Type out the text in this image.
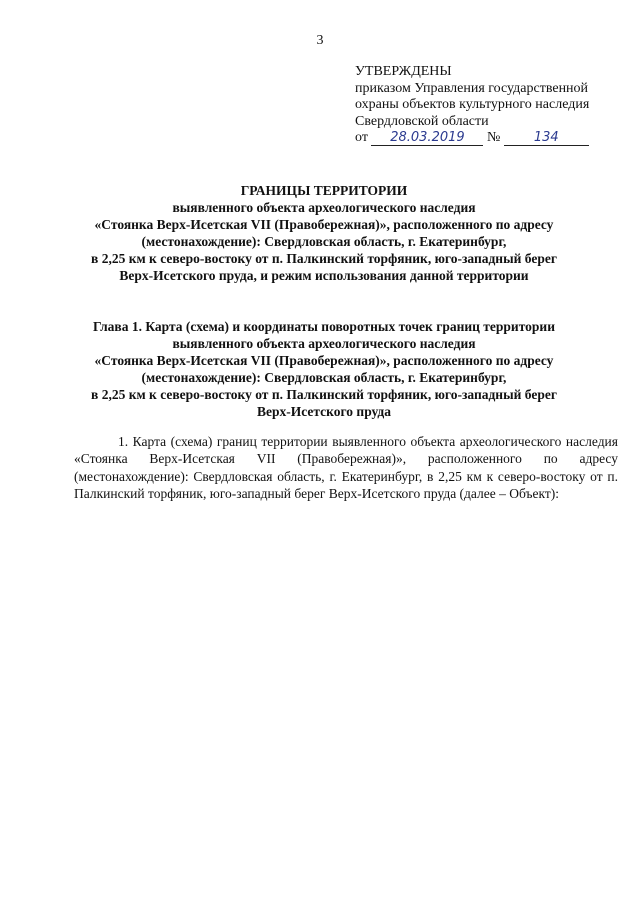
3
УТВЕРЖДЕНЫ
приказом Управления государственной
охраны объектов культурного наследия
Свердловской области
от 28.03.2019 №	134
ГРАНИЦЫ ТЕРРИТОРИИ
выявленного объекта археологического наследия
«Стоянка Верх-Исетская VII (Правобережная)», расположенного по адресу
(местонахождение): Свердловская область, г. Екатеринбург,
в 2,25 км к северо-востоку от п. Палкинский торфяник, юго-западный берег
Верх-Исетского пруда, и режим использования данной территории
Глава 1. Карта (схема) и координаты поворотных точек границ территории
выявленного объекта археологического наследия
«Стоянка Верх-Исетская VII (Правобережная)», расположенного по адресу
(местонахождение): Свердловская область, г. Екатеринбург,
в 2,25 км к северо-востоку от п. Палкинский торфяник, юго-западный берег
Верх-Исетского пруда

1. Карта (схема) границ территории выявленного объекта археологического наследия «Стоянка Верх-Исетская VII (Правобережная)», расположенного по адресу (местонахождение): Свердловская область, г. Екатеринбург, в 2,25 км к северо-востоку от п. Палкинский торфяник, юго-западный берег Верх-Исетского пруда (далее – Объект):
